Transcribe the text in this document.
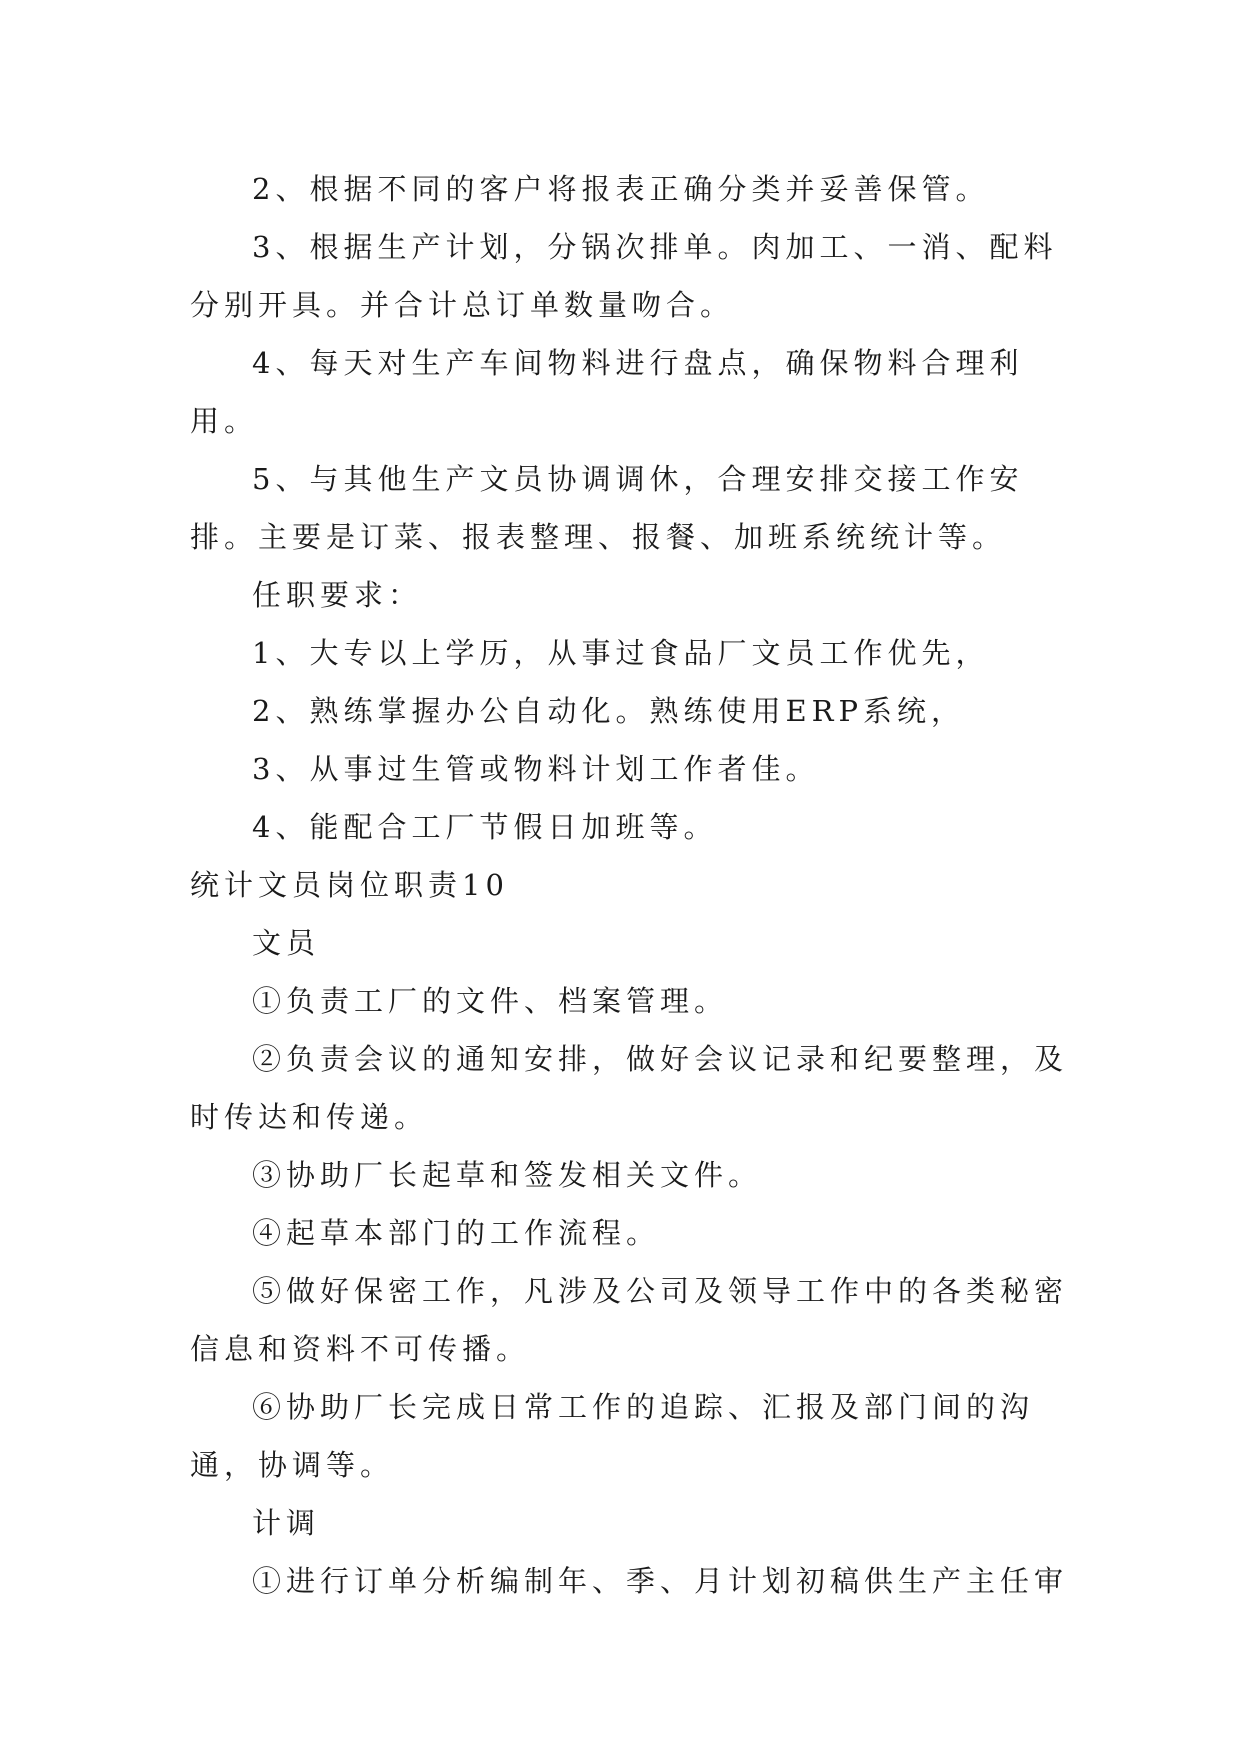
2、根据不同的客户将报表正确分类并妥善保管。

3、根据生产计划，分锅次排单。肉加工、一消、配料分别开具。并合计总订单数量吻合。

4、每天对生产车间物料进行盘点，确保物料合理利用。

5、与其他生产文员协调调休，合理安排交接工作安排。主要是订菜、报表整理、报餐、加班系统统计等。

任职要求：

1、大专以上学历，从事过食品厂文员工作优先，

2、熟练掌握办公自动化。熟练使用ERP系统，

3、从事过生管或物料计划工作者佳。

4、能配合工厂节假日加班等。

统计文员岗位职责10

文员

①负责工厂的文件、档案管理。

②负责会议的通知安排，做好会议记录和纪要整理，及时传达和传递。

③协助厂长起草和签发相关文件。

④起草本部门的工作流程。

⑤做好保密工作，凡涉及公司及领导工作中的各类秘密信息和资料不可传播。

⑥协助厂长完成日常工作的追踪、汇报及部门间的沟通，协调等。

计调

①进行订单分析编制年、季、月计划初稿供生产主任审
